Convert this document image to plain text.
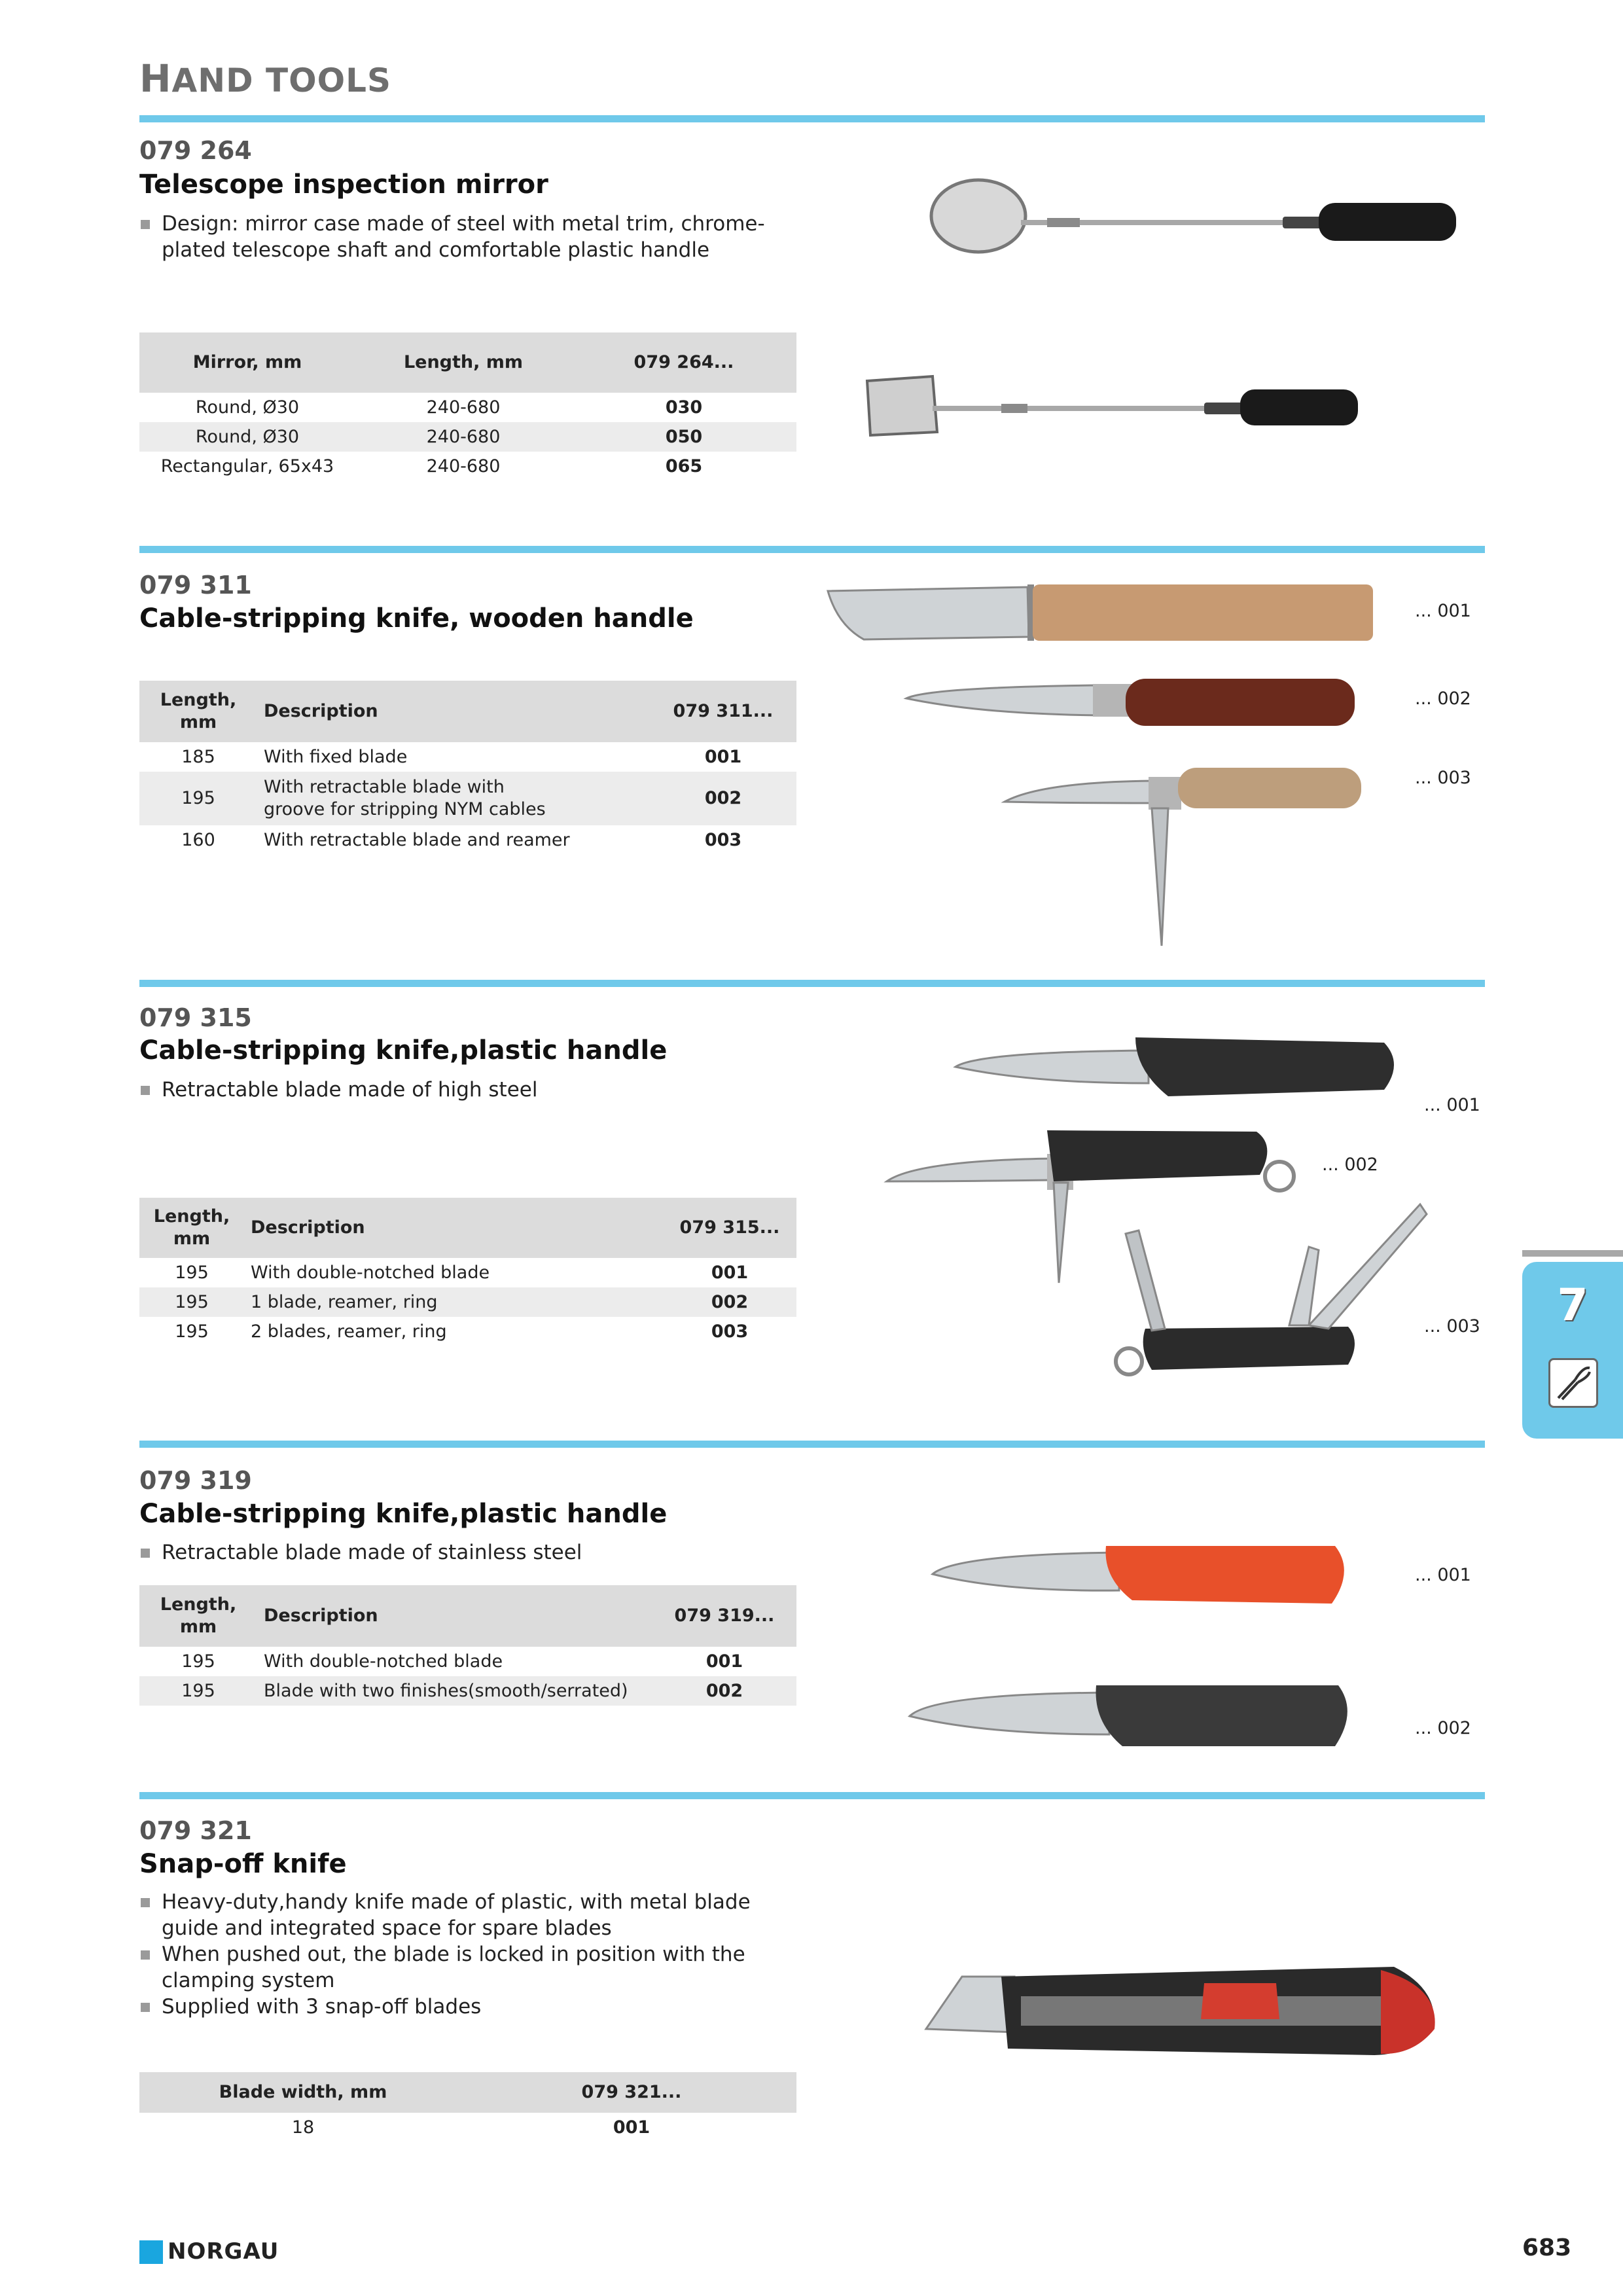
HAND TOOLS
079 264
Telescope inspection mirror
Design: mirror case made of steel with metal trim, chrome-plated telescope shaft and comfortable plastic handle
Mirror, mm	Length, mm	079 264...
Round, Ø30	240-680	030
Round, Ø30	240-680	050
Rectangular, 65x43	240-680	065
079 311
Cable-stripping knife, wooden handle
Length, mm	Description	079 311...
185	With fixed blade	001
195	With retractable blade with groove for stripping NYM cables	002
160	With retractable blade and reamer	003
... 001
... 002
... 003
079 315
Cable-stripping knife,plastic handle
Retractable blade made of high steel
Length, mm	Description	079 315...
195	With double-notched blade	001
195	1 blade, reamer, ring	002
195	2 blades, reamer, ring	003
... 001
... 002
... 003
079 319
Cable-stripping knife,plastic handle
Retractable blade made of stainless steel
Length, mm	Description	079 319...
195	With double-notched blade	001
195	Blade with two finishes(smooth/serrated)	002
... 001
... 002
079 321
Snap-off knife
Heavy-duty,handy knife made of plastic, with metal blade guide and integrated space for spare blades
When pushed out, the blade is locked in position with the clamping system
Supplied with 3 snap-off blades
Blade width, mm	079 321...
18	001
7
NORGAU	683
